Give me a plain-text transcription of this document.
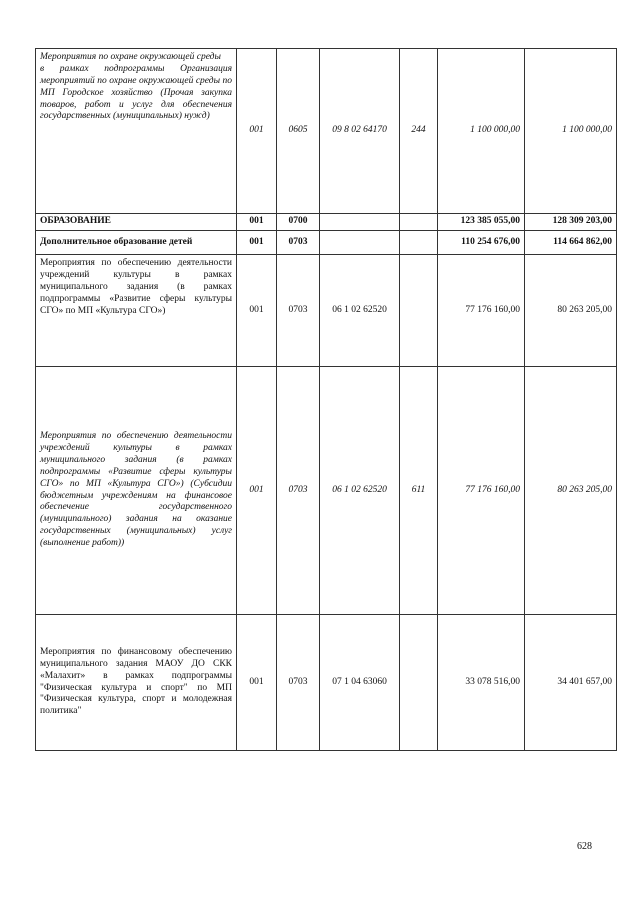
Мероприятия по охране окружающей среды
в рамках подпрограммы Организация мероприятий по охране окружающей среды по МП Городское хозяйство (Прочая закупка товаров, работ и услуг для обеспечения государственных (муниципальных) нужд)	001	0605	09 8 02 64170	244	1 100 000,00	1 100 000,00
ОБРАЗОВАНИЕ	001	0700			123 385 055,00	128 309 203,00
Дополнительное образование детей	001	0703			110 254 676,00	114 664 862,00
Мероприятия по обеспечению деятельности учреждений культуры в рамках муниципального задания (в рамках подпрограммы «Развитие сферы культуры СГО» по МП «Культура СГО»)	001	0703	06 1 02 62520		77 176 160,00	80 263 205,00
Мероприятия по обеспечению деятельности учреждений культуры в рамках муниципального задания (в рамках подпрограммы «Развитие сферы культуры СГО» по МП «Культура СГО») (Субсидии бюджетным учреждениям на финансовое обеспечение государственного (муниципального) задания на оказание государственных (муниципальных) услуг (выполнение работ))	001	0703	06 1 02 62520	611	77 176 160,00	80 263 205,00
Мероприятия по финансовому обеспечению муниципального задания МАОУ ДО СКК «Малахит» в рамках подпрограммы "Физическая культура и спорт" по МП "Физическая культура, спорт и молодежная политика"	001	0703	07 1 04 63060		33 078 516,00	34 401 657,00
628
